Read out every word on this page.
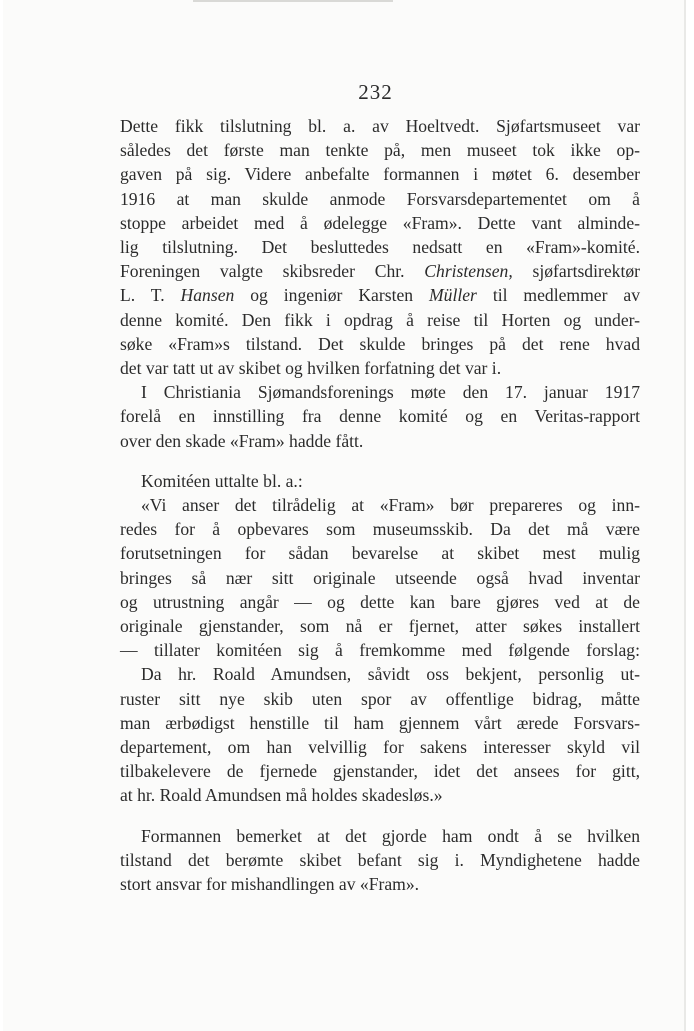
232
Dette fikk tilslutning bl. a. av Hoeltvedt. Sjøfartsmuseet var
således det første man tenkte på, men museet tok ikke op-
gaven på sig. Videre anbefalte formannen i møtet 6. desember
1916 at man skulde anmode Forsvarsdepartementet om å
stoppe arbeidet med å ødelegge «Fram». Dette vant alminde-
lig tilslutning. Det besluttedes nedsatt en «Fram»-komité.
Foreningen valgte skibsreder Chr. Christensen, sjøfartsdirektør
L. T. Hansen og ingeniør Karsten Müller til medlemmer av
denne komité. Den fikk i opdrag å reise til Horten og under-
søke «Fram»s tilstand. Det skulde bringes på det rene hvad
det var tatt ut av skibet og hvilken forfatning det var i.
I Christiania Sjømandsforenings møte den 17. januar 1917
forelå en innstilling fra denne komité og en Veritas-rapport
over den skade «Fram» hadde fått.
Komitéen uttalte bl. a.:
«Vi anser det tilrådelig at «Fram» bør prepareres og inn-
redes for å opbevares som museumsskib. Da det må være
forutsetningen for sådan bevarelse at skibet mest mulig
bringes så nær sitt originale utseende også hvad inventar
og utrustning angår — og dette kan bare gjøres ved at de
originale gjenstander, som nå er fjernet, atter søkes installert
— tillater komitéen sig å fremkomme med følgende forslag:
Da hr. Roald Amundsen, såvidt oss bekjent, personlig ut-
ruster sitt nye skib uten spor av offentlige bidrag, måtte
man ærbødigst henstille til ham gjennem vårt ærede Forsvars-
departement, om han velvillig for sakens interesser skyld vil
tilbakelevere de fjernede gjenstander, idet det ansees for gitt,
at hr. Roald Amundsen må holdes skadesløs.»
Formannen bemerket at det gjorde ham ondt å se hvilken
tilstand det berømte skibet befant sig i. Myndighetene hadde
stort ansvar for mishandlingen av «Fram».
